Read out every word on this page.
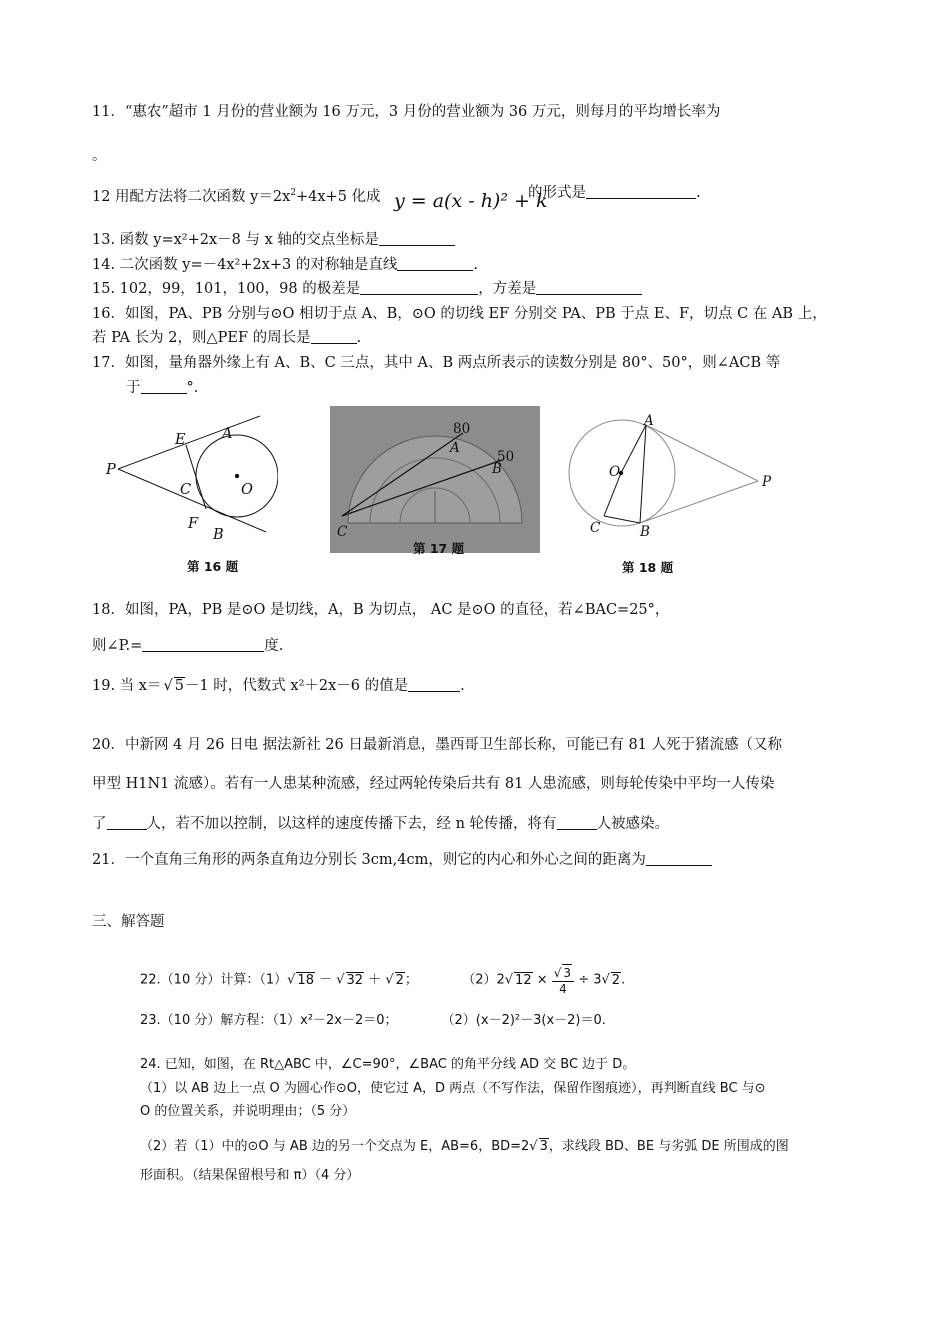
11．“惠农”超市 1 月份的营业额为 16 万元，3 月份的营业额为 36 万元，则每月的平均增长率为
。
12 用配方法将二次函数 $y=2x^2+4x+5$ 化成 y = a(x - h)² + k
的形式是	.
13. 函数 y=x²+2x－8 与 x 轴的交点坐标是
14. 二次函数 y=－4x²+2x+3 的对称轴是直线	.
15. 102，99，101，100，98 的极差是	，方差是
16．如图，PA、PB 分别与⊙O 相切于点 A、B，⊙O 的切线 EF 分别交 PA、PB 于点 E、F，切点 C 在 AB 上，
若 PA 长为 2，则△PEF 的周长是	.
17．如图，量角器外缘上有 A、B、C 三点，其中 A、B 两点所表示的读数分别是 80°、50°，则∠ACB 等
于	°.
P
E	A
C	O
F
B
第 16 题
80
A
50
B
C
第 17 题
A
O
P
C	B
第 18 题
18．如图，PA，PB 是⊙O 是切线，A，B 为切点， AC 是⊙O 的直径，若∠BAC=25°，
则∠P.=	度.
19. 当 x＝ √ 5－1 时，代数式 x²＋2x－6 的值是	.
20．中新网 4 月 26 日电 据法新社 26 日最新消息，墨西哥卫生部长称，可能已有 81 人死于猪流感（又称
甲型 H1N1 流感）。若有一人患某种流感，经过两轮传染后共有 81 人患流感，则每轮传染中平均一人传染
了	人，若不加以控制，以这样的速度传播下去，经 n 轮传播，将有	人被感染。
21．一个直角三角形的两条直角边分别长 3cm,4cm，则它的内心和外心之间的距离为
三、解答题
22.（10 分）计算：（1）√ 18 － √ 32 ＋ √ 2；	（2）2√ $12 \times \frac{√ 3}{4} \div 3√$ 2.
23.（10 分）解方程：（1）x²－2x－2＝0；	（2）(x－2)²－3(x－2)＝0.
24. 已知，如图，在 Rt△ABC 中，∠C=90°，∠BAC 的角平分线 AD 交 BC 边于 D。
（1）以 AB 边上一点 O 为圆心作⊙O，使它过 A，D 两点（不写作法，保留作图痕迹），再判断直线 BC 与⊙
O 的位置关系，并说明理由；（5 分）
（2）若（1）中的⊙O 与 AB 边的另一个交点为 E，AB=6，BD=2√ 3，求线段 BD、BE 与劣弧 DE 所围成的图
形面积。（结果保留根号和 π）（4 分）
